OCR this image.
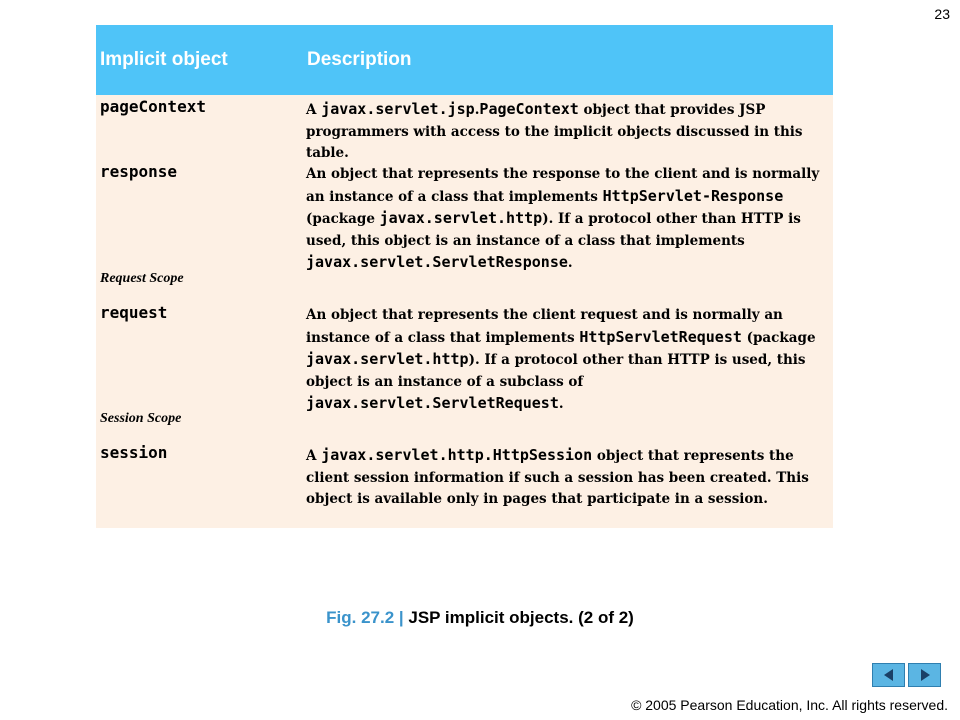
23
Implicit object	Description
pageContext	A javax.servlet.jsp.PageContext object that provides JSP programmers with access to the implicit objects discussed in this table.
response	An object that represents the response to the client and is normally an instance of a class that implements HttpServlet-Response (package javax.servlet.http). If a protocol other than HTTP is used, this object is an instance of a class that implements javax.servlet.ServletResponse.
Request Scope
request	An object that represents the client request and is normally an instance of a class that implements HttpServletRequest (package javax.servlet.http). If a protocol other than HTTP is used, this object is an instance of a subclass of javax.servlet.ServletRequest.
Session Scope
session	A javax.servlet.http.HttpSession object that represents the client session information if such a session has been created. This object is available only in pages that participate in a session.
Fig. 27.2 | JSP implicit objects. (2 of 2)
© 2005 Pearson Education, Inc. All rights reserved.
